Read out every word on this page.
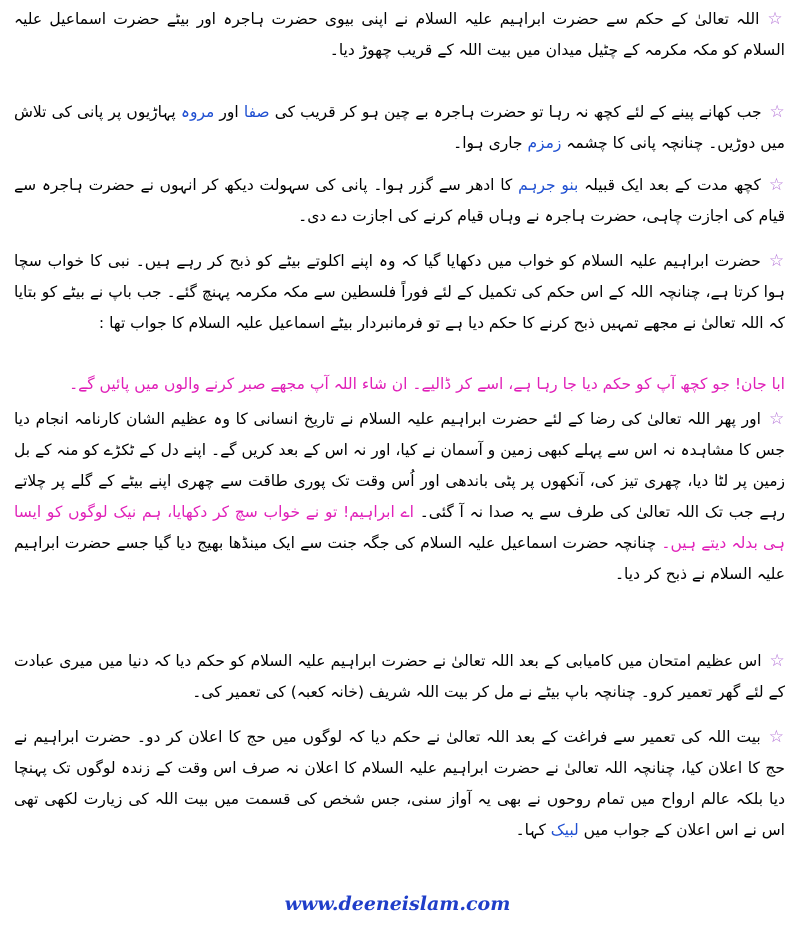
☆اللہ تعالیٰ کے حکم سے حضرت ابراہیم علیہ السلام نے اپنی بیوی حضرت ہاجرہ اور بیٹے حضرت اسماعیل علیہ السلام کو مکہ مکرمہ کے چٹیل میدان میں بیت اللہ کے قریب چھوڑ دیا۔
☆جب کھانے پینے کے لئے کچھ نہ رہا تو حضرت ہاجرہ بے چین ہو کر قریب کی صفا اور مروہ پہاڑیوں پر پانی کی تلاش میں دوڑیں۔ چنانچہ پانی کا چشمہ زمزم جاری ہوا۔
☆کچھ مدت کے بعد ایک قبیلہ بنو جرہم کا ادھر سے گزر ہوا۔ پانی کی سہولت دیکھ کر انہوں نے حضرت ہاجرہ سے قیام کی اجازت چاہی، حضرت ہاجرہ نے وہاں قیام کرنے کی اجازت دے دی۔
☆حضرت ابراہیم علیہ السلام کو خواب میں دکھایا گیا کہ وہ اپنے اکلوتے بیٹے کو ذبح کر رہے ہیں۔ نبی کا خواب سچا ہوا کرتا ہے، چنانچہ اللہ کے اس حکم کی تکمیل کے لئے فوراً فلسطین سے مکہ مکرمہ پہنچ گئے۔ جب باپ نے بیٹے کو بتایا کہ اللہ تعالیٰ نے مجھے تمہیں ذبح کرنے کا حکم دیا ہے تو فرمانبردار بیٹے اسماعیل علیہ السلام کا جواب تھا :
ابا جان! جو کچھ آپ کو حکم دیا جا رہا ہے، اسے کر ڈالیے۔ ان شاء اللہ آپ مجھے صبر کرنے والوں میں پائیں گے۔
☆اور پھر اللہ تعالیٰ کی رضا کے لئے حضرت ابراہیم علیہ السلام نے تاریخ انسانی کا وہ عظیم الشان کارنامہ انجام دیا جس کا مشاہدہ نہ اس سے پہلے کبھی زمین و آسمان نے کیا، اور نہ اس کے بعد کریں گے۔ اپنے دل کے ٹکڑے کو منہ کے بل زمین پر لٹا دیا، چھری تیز کی، آنکھوں پر پٹی باندھی اور اُس وقت تک پوری طاقت سے چھری اپنے بیٹے کے گلے پر چلاتے رہے جب تک اللہ تعالیٰ کی طرف سے یہ صدا نہ آ گئی۔ اے ابراہیم! تو نے خواب سچ کر دکھایا، ہم نیک لوگوں کو ایسا ہی بدلہ دیتے ہیں۔ چنانچہ حضرت اسماعیل علیہ السلام کی جگہ جنت سے ایک مینڈھا بھیج دیا گیا جسے حضرت ابراہیم علیہ السلام نے ذبح کر دیا۔
☆اس عظیم امتحان میں کامیابی کے بعد اللہ تعالیٰ نے حضرت ابراہیم علیہ السلام کو حکم دیا کہ دنیا میں میری عبادت کے لئے گھر تعمیر کرو۔ چنانچہ باپ بیٹے نے مل کر بیت اللہ شریف (خانہ کعبہ) کی تعمیر کی۔
☆بیت اللہ کی تعمیر سے فراغت کے بعد اللہ تعالیٰ نے حکم دیا کہ لوگوں میں حج کا اعلان کر دو۔ حضرت ابراہیم نے حج کا اعلان کیا، چنانچہ اللہ تعالیٰ نے حضرت ابراہیم علیہ السلام کا اعلان نہ صرف اس وقت کے زندہ لوگوں تک پہنچا دیا بلکہ عالم ارواح میں تمام روحوں نے بھی یہ آواز سنی، جس شخص کی قسمت میں بیت اللہ کی زیارت لکھی تھی اس نے اس اعلان کے جواب میں لبیک کہا۔
www.deeneislam.com
